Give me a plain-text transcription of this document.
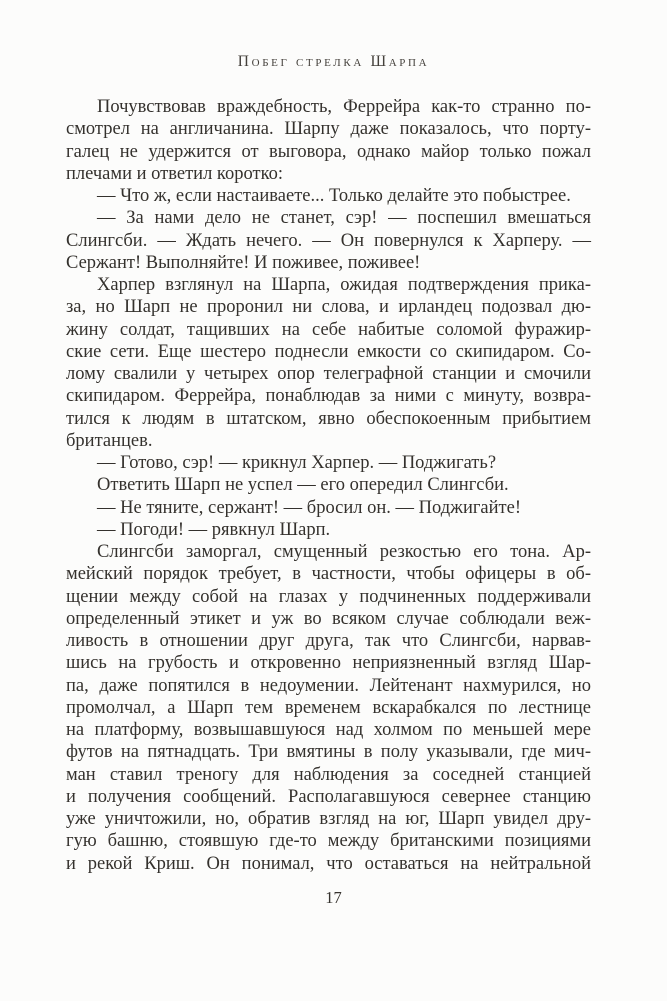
Побег стрелка Шарпа

Почувствовав враждебность, Феррейра как-то странно по-
смотрел на англичанина. Шарпу даже показалось, что порту-
галец не удержится от выговора, однако майор только пожал
плечами и ответил коротко:

— Что ж, если настаиваете... Только делайте это побыстрее.

— За нами дело не станет, сэр! — поспешил вмешаться
Слингсби. — Ждать нечего. — Он повернулся к Харперу. —
Сержант! Выполняйте! И поживее, поживее!

Харпер взглянул на Шарпа, ожидая подтверждения прика-
за, но Шарп не проронил ни слова, и ирландец подозвал дю-
жину солдат, тащивших на себе набитые соломой фуражир-
ские сети. Еще шестеро поднесли емкости со скипидаром. Со-
лому свалили у четырех опор телеграфной станции и смочили
скипидаром. Феррейра, понаблюдав за ними с минуту, возвра-
тился к людям в штатском, явно обеспокоенным прибытием
британцев.

— Готово, сэр! — крикнул Харпер. — Поджигать?

Ответить Шарп не успел — его опередил Слингсби.

— Не тяните, сержант! — бросил он. — Поджигайте!

— Погоди! — рявкнул Шарп.

Слингсби заморгал, смущенный резкостью его тона. Ар-
мейский порядок требует, в частности, чтобы офицеры в об-
щении между собой на глазах у подчиненных поддерживали
определенный этикет и уж во всяком случае соблюдали веж-
ливость в отношении друг друга, так что Слингсби, нарвав-
шись на грубость и откровенно неприязненный взгляд Шар-
па, даже попятился в недоумении. Лейтенант нахмурился, но
промолчал, а Шарп тем временем вскарабкался по лестнице
на платформу, возвышавшуюся над холмом по меньшей мере
футов на пятнадцать. Три вмятины в полу указывали, где мич-
ман ставил треногу для наблюдения за соседней станцией
и получения сообщений. Располагавшуюся севернее станцию
уже уничтожили, но, обратив взгляд на юг, Шарп увидел дру-
гую башню, стоявшую где-то между британскими позициями
и рекой Криш. Он понимал, что оставаться на нейтральной

17
